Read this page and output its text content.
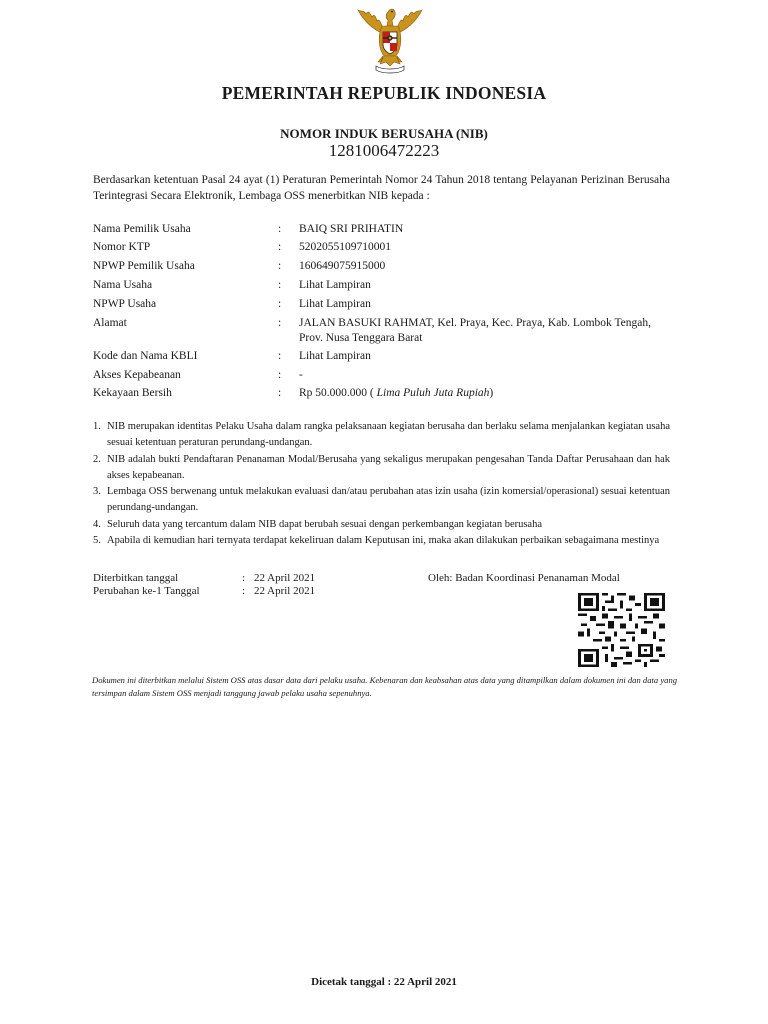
PEMERINTAH REPUBLIK INDONESIA
NOMOR INDUK BERUSAHA (NIB)
1281006472223
Berdasarkan ketentuan Pasal 24 ayat (1) Peraturan Pemerintah Nomor 24 Tahun 2018 tentang Pelayanan Perizinan Berusaha Terintegrasi Secara Elektronik, Lembaga OSS menerbitkan NIB kepada :
Nama Pemilik Usaha	: BAIQ SRI PRIHATIN
Nomor KTP	: 5202055109710001
NPWP Pemilik Usaha	: 160649075915000
Nama Usaha	: Lihat Lampiran
NPWP Usaha	: Lihat Lampiran
Alamat	: JALAN BASUKI RAHMAT, Kel. Praya, Kec. Praya, Kab. Lombok Tengah, Prov. Nusa Tenggara Barat
Kode dan Nama KBLI	: Lihat Lampiran
Akses Kepabeanan	: -
Kekayaan Bersih	: Rp 50.000.000 ( Lima Puluh Juta Rupiah)
1. NIB merupakan identitas Pelaku Usaha dalam rangka pelaksanaan kegiatan berusaha dan berlaku selama menjalankan kegiatan usaha sesuai ketentuan peraturan perundang-undangan.
2. NIB adalah bukti Pendaftaran Penanaman Modal/Berusaha yang sekaligus merupakan pengesahan Tanda Daftar Perusahaan dan hak akses kepabeanan.
3. Lembaga OSS berwenang untuk melakukan evaluasi dan/atau perubahan atas izin usaha (izin komersial/operasional) sesuai ketentuan perundang-undangan.
4. Seluruh data yang tercantum dalam NIB dapat berubah sesuai dengan perkembangan kegiatan berusaha
5. Apabila di kemudian hari ternyata terdapat kekeliruan dalam Keputusan ini, maka akan dilakukan perbaikan sebagaimana mestinya
Diterbitkan tanggal	: 22 April 2021
Perubahan ke-1 Tanggal	: 22 April 2021
Oleh: Badan Koordinasi Penanaman Modal
Dokumen ini diterbitkan melalui Sistem OSS atas dasar data dari pelaku usaha. Kebenaran dan keabsahan atas data yang ditampilkan dalam dokumen ini dan data yang tersimpan dalam Sistem OSS menjadi tanggung jawab pelaku usaha sepenuhnya.
Dicetak tanggal : 22 April 2021
